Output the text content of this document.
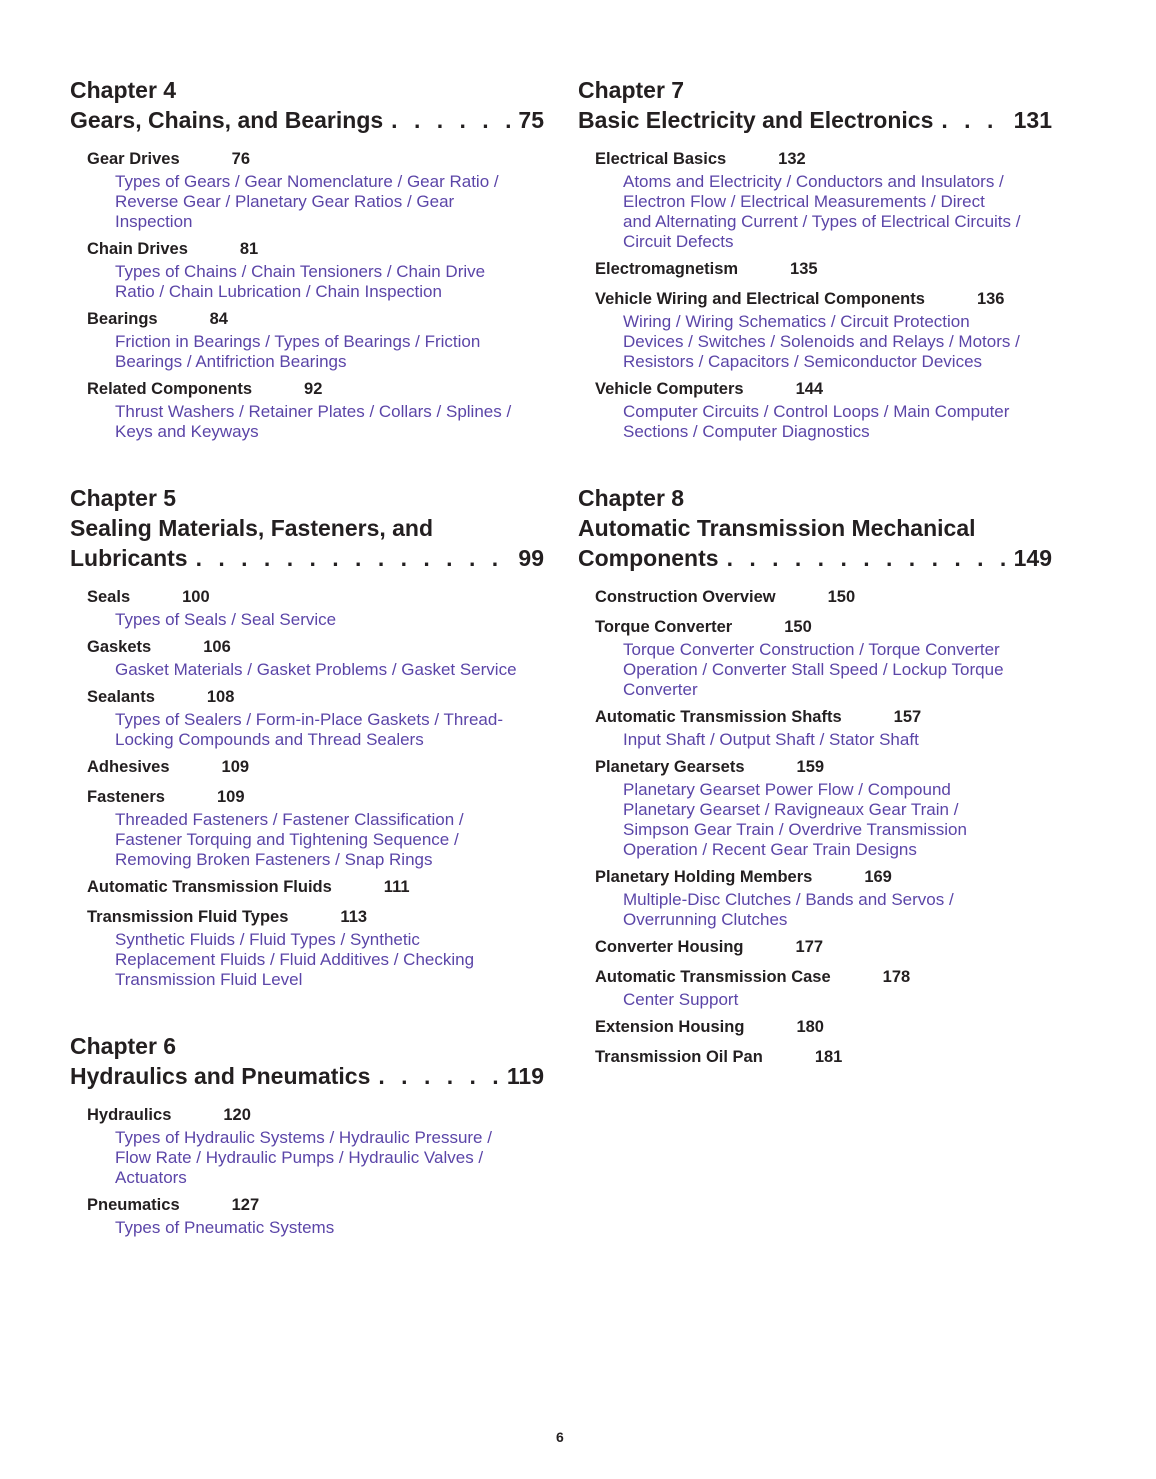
Chapter 4
Gears, Chains, and Bearings . . .	75
Gear Drives	76
Types of Gears / Gear Nomenclature / Gear Ratio /
Reverse Gear / Planetary Gear Ratios / Gear
Inspection
Chain Drives	81
Types of Chains / Chain Tensioners / Chain Drive
Ratio / Chain Lubrication / Chain Inspection
Bearings	84
Friction in Bearings / Types of Bearings / Friction
Bearings / Antifriction Bearings
Related Components	92
Thrust Washers / Retainer Plates / Collars / Splines /
Keys and Keyways
Chapter 5
Sealing Materials, Fasteners, and
Lubricants . . .	99
Seals	100
Types of Seals / Seal Service
Gaskets	106
Gasket Materials / Gasket Problems / Gasket Service
Sealants	108
Types of Sealers / Form-in-Place Gaskets / Thread-
Locking Compounds and Thread Sealers
Adhesives	109
Fasteners	109
Threaded Fasteners / Fastener Classification /
Fastener Torquing and Tightening Sequence /
Removing Broken Fasteners / Snap Rings
Automatic Transmission Fluids	111
Transmission Fluid Types	113
Synthetic Fluids / Fluid Types / Synthetic
Replacement Fluids / Fluid Additives / Checking
Transmission Fluid Level
Chapter 6
Hydraulics and Pneumatics . . .	119
Hydraulics	120
Types of Hydraulic Systems / Hydraulic Pressure /
Flow Rate / Hydraulic Pumps / Hydraulic Valves /
Actuators
Pneumatics	127
Types of Pneumatic Systems
Chapter 7
Basic Electricity and Electronics . . .	131
Electrical Basics	132
Atoms and Electricity / Conductors and Insulators /
Electron Flow / Electrical Measurements / Direct
and Alternating Current / Types of Electrical Circuits /
Circuit Defects
Electromagnetism	135
Vehicle Wiring and Electrical Components	136
Wiring / Wiring Schematics / Circuit Protection
Devices / Switches / Solenoids and Relays / Motors /
Resistors / Capacitors / Semiconductor Devices
Vehicle Computers	144
Computer Circuits / Control Loops / Main Computer
Sections / Computer Diagnostics
Chapter 8
Automatic Transmission Mechanical
Components . . .	149
Construction Overview	150
Torque Converter	150
Torque Converter Construction / Torque Converter
Operation / Converter Stall Speed / Lockup Torque
Converter
Automatic Transmission Shafts	157
Input Shaft / Output Shaft / Stator Shaft
Planetary Gearsets	159
Planetary Gearset Power Flow / Compound
Planetary Gearset / Ravigneaux Gear Train /
Simpson Gear Train / Overdrive Transmission
Operation / Recent Gear Train Designs
Planetary Holding Members	169
Multiple-Disc Clutches / Bands and Servos /
Overrunning Clutches
Converter Housing	177
Automatic Transmission Case	178
Center Support
Extension Housing	180
Transmission Oil Pan	181
6
